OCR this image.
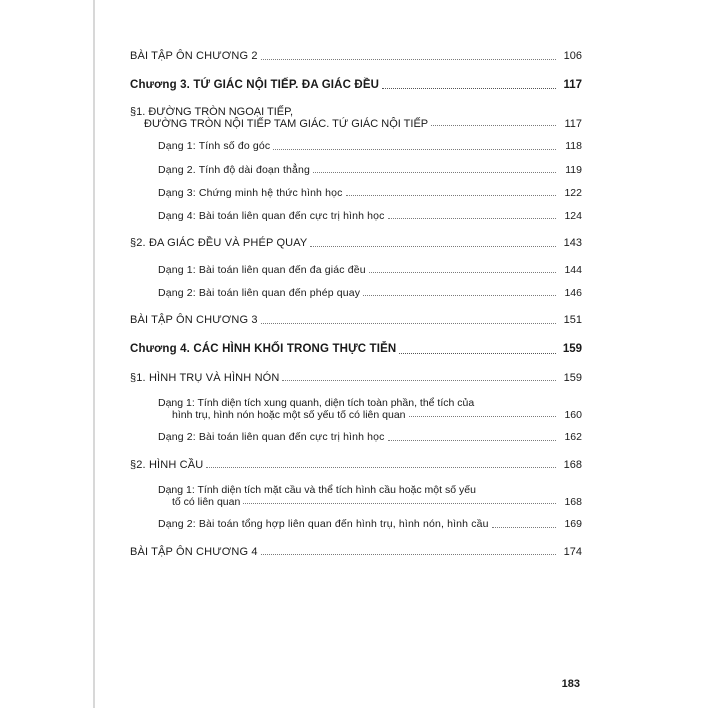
BÀI TẬP ÔN CHƯƠNG 2	106
Chương 3. TỨ GIÁC NỘI TIẾP. ĐA GIÁC ĐỀU	117
§1. ĐƯỜNG TRÒN NGOẠI TIẾP,
ĐƯỜNG TRÒN NỘI TIẾP TAM GIÁC. TỨ GIÁC NỘI TIẾP	117
Dạng 1: Tính số đo góc	118
Dạng 2. Tính độ dài đoạn thẳng	119
Dạng 3: Chứng minh hệ thức hình học	122
Dạng 4: Bài toán liên quan đến cực trị hình học	124
§2. ĐA GIÁC ĐỀU VÀ PHÉP QUAY	143
Dạng 1: Bài toán liên quan đến đa giác đều	144
Dạng 2: Bài toán liên quan đến phép quay	146
BÀI TẬP ÔN CHƯƠNG 3	151
Chương 4. CÁC HÌNH KHỐI TRONG THỰC TIỄN	159
§1. HÌNH TRỤ VÀ HÌNH NÓN	159
Dạng 1: Tính diện tích xung quanh, diện tích toàn phần, thể tích của
hình trụ, hình nón hoặc một số yếu tố có liên quan	160
Dạng 2: Bài toán liên quan đến cực trị hình học	162
§2. HÌNH CẦU	168
Dạng 1: Tính diện tích mặt cầu và thể tích hình cầu hoặc một số yếu
tố có liên quan	168
Dạng 2: Bài toán tổng hợp liên quan đến hình trụ, hình nón, hình cầu	169
BÀI TẬP ÔN CHƯƠNG 4	174
183
